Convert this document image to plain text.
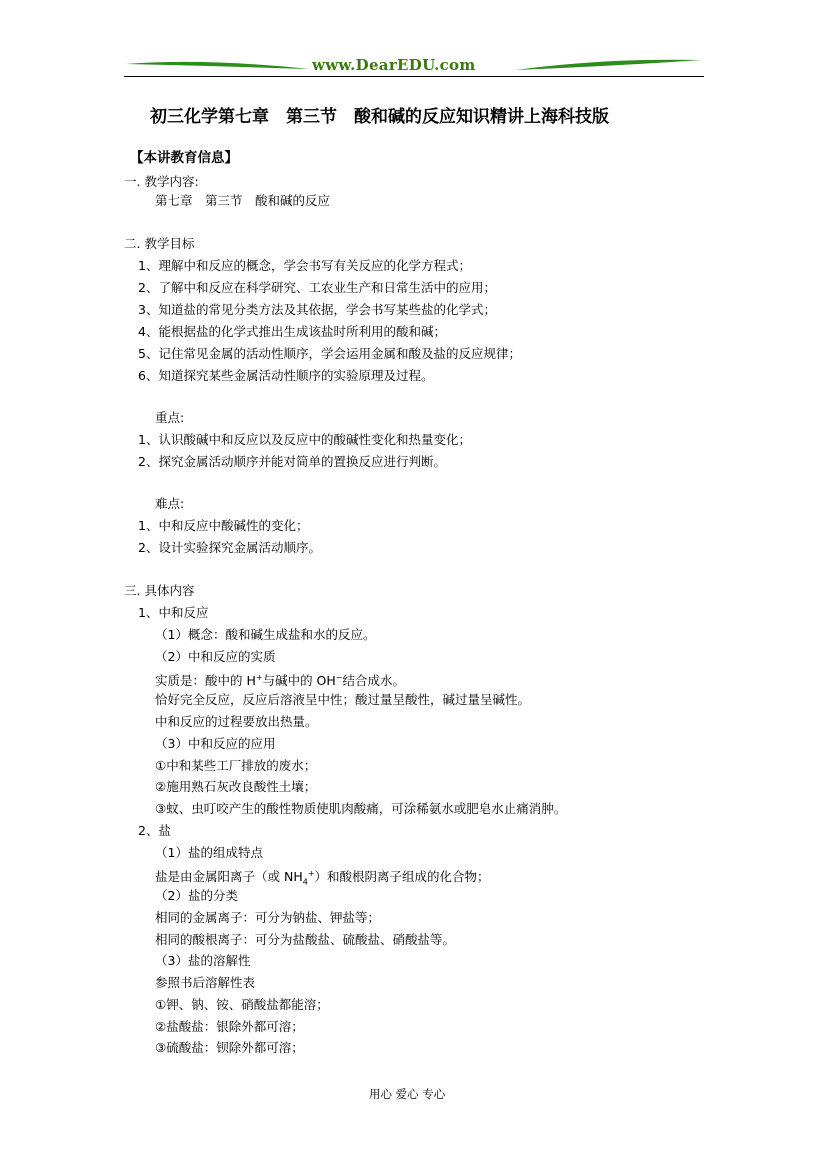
www.DearEDU.com
初三化学第七章　第三节　酸和碱的反应知识精讲上海科技版
【本讲教育信息】
一. 教学内容:
第七章　第三节　酸和碱的反应
二. 教学目标
1、理解中和反应的概念，学会书写有关反应的化学方程式；
2、了解中和反应在科学研究、工农业生产和日常生活中的应用；
3、知道盐的常见分类方法及其依据，学会书写某些盐的化学式；
4、能根据盐的化学式推出生成该盐时所利用的酸和碱；
5、记住常见金属的活动性顺序，学会运用金属和酸及盐的反应规律；
6、知道探究某些金属活动性顺序的实验原理及过程。
重点:
1、认识酸碱中和反应以及反应中的酸碱性变化和热量变化；
2、探究金属活动顺序并能对简单的置换反应进行判断。
难点:
1、中和反应中酸碱性的变化；
2、设计实验探究金属活动顺序。
三. 具体内容
1、中和反应
（1）概念：酸和碱生成盐和水的反应。
（2）中和反应的实质
实质是：酸中的 H+与碱中的 OH−结合成水。
恰好完全反应，反应后溶液呈中性；酸过量呈酸性，碱过量呈碱性。
中和反应的过程要放出热量。
（3）中和反应的应用
①中和某些工厂排放的废水；
②施用熟石灰改良酸性土壤；
③蚊、虫叮咬产生的酸性物质使肌肉酸痛，可涂稀氨水或肥皂水止痛消肿。
2、盐
（1）盐的组成特点
盐是由金属阳离子（或 $NH_4^+$）和酸根阴离子组成的化合物；
（2）盐的分类
相同的金属离子：可分为钠盐、钾盐等；
相同的酸根离子：可分为盐酸盐、硫酸盐、硝酸盐等。
（3）盐的溶解性
参照书后溶解性表
①钾、钠、铵、硝酸盐都能溶；
②盐酸盐：银除外都可溶；
③硫酸盐：钡除外都可溶；
用心 爱心 专心
